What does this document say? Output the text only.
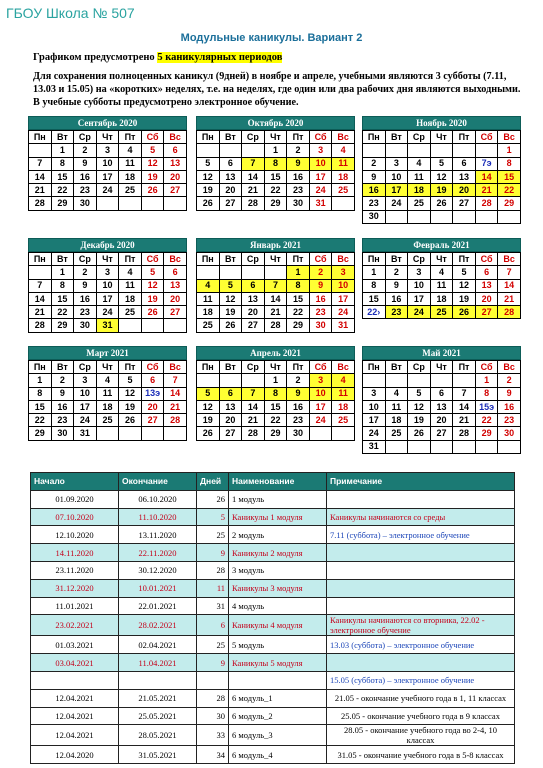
ГБОУ Школа № 507
Модульные каникулы. Вариант 2
Графиком предусмотрено 5 каникулярных периодов
Для сохранения полноценных каникул (9дней) в ноябре и апреле, учебными являются 3 субботы (7.11, 13.03 и 15.05) на «коротких» неделях, т.е. на неделях, где один или два рабочих дня являются выходными. В учебные субботы предусмотрено электронное обучение.
Сентябрь 2020
Пн	Вт	Ср	Чт	Пт	Сб	Вс
	1	2	3	4	5	6
7	8	9	10	11	12	13
14	15	16	17	18	19	20
21	22	23	24	25	26	27
28	29	30				
Октябрь 2020
Пн	Вт	Ср	Чт	Пт	Сб	Вс
			1	2	3	4
5	6	7	8	9	10	11
12	13	14	15	16	17	18
19	20	21	22	23	24	25
26	27	28	29	30	31	
Ноябрь 2020
Пн	Вт	Ср	Чт	Пт	Сб	Вс
						1
2	3	4	5	6	7э	8
9	10	11	12	13	14	15
16	17	18	19	20	21	22
23	24	25	26	27	28	29
30						
Декабрь 2020
Пн	Вт	Ср	Чт	Пт	Сб	Вс
	1	2	3	4	5	6
7	8	9	10	11	12	13
14	15	16	17	18	19	20
21	22	23	24	25	26	27
28	29	30	31			
Январь 2021
Пн	Вт	Ср	Чт	Пт	Сб	Вс
				1	2	3
4	5	6	7	8	9	10
11	12	13	14	15	16	17
18	19	20	21	22	23	24
25	26	27	28	29	30	31
Февраль 2021
Пн	Вт	Ср	Чт	Пт	Сб	Вс
1	2	3	4	5	6	7
8	9	10	11	12	13	14
15	16	17	18	19	20	21
22›	23	24	25	26	27	28
Март 2021
Пн	Вт	Ср	Чт	Пт	Сб	Вс
1	2	3	4	5	6	7
8	9	10	11	12	13э	14
15	16	17	18	19	20	21
22	23	24	25	26	27	28
29	30	31				
Апрель 2021
Пн	Вт	Ср	Чт	Пт	Сб	Вс
			1	2	3	4
5	6	7	8	9	10	11
12	13	14	15	16	17	18
19	20	21	22	23	24	25
26	27	28	29	30		
Май 2021
Пн	Вт	Ср	Чт	Пт	Сб	Вс
					1	2
3	4	5	6	7	8	9
10	11	12	13	14	15э	16
17	18	19	20	21	22	23
24	25	26	27	28	29	30
31						
Начало	Окончание	Дней	Наименование	Примечание
01.09.2020	06.10.2020	26	1 модуль	
07.10.2020	11.10.2020	5	Каникулы 1 модуля	Каникулы начинаются со среды
12.10.2020	13.11.2020	25	2 модуль	7.11 (суббота) – электронное обучение
14.11.2020	22.11.2020	9	Каникулы 2 модуля	
23.11.2020	30.12.2020	28	3 модуль	
31.12.2020	10.01.2021	11	Каникулы 3 модуля	
11.01.2021	22.01.2021	31	4 модуль	
23.02.2021	28.02.2021	6	Каникулы 4 модуля	Каникулы начинаются со вторника, 22.02 - электронное обучение
01.03.2021	02.04.2021	25	5 модуль	13.03 (суббота) – электронное обучение
03.04.2021	11.04.2021	9	Каникулы 5 модуля	
				15.05 (суббота) – электронное обучение
12.04.2021	21.05.2021	28	6 модуль_1	21.05 - окончание учебного года в 1, 11 классах
12.04.2021	25.05.2021	30	6 модуль_2	25.05 - окончание учебного года в 9 классах
12.04.2021	28.05.2021	33	6 модуль_3	28.05 - окончание учебного года во 2-4, 10 классах
12.04.2020	31.05.2021	34	6 модуль_4	31.05 - окончание учебного года в 5-8 классах
